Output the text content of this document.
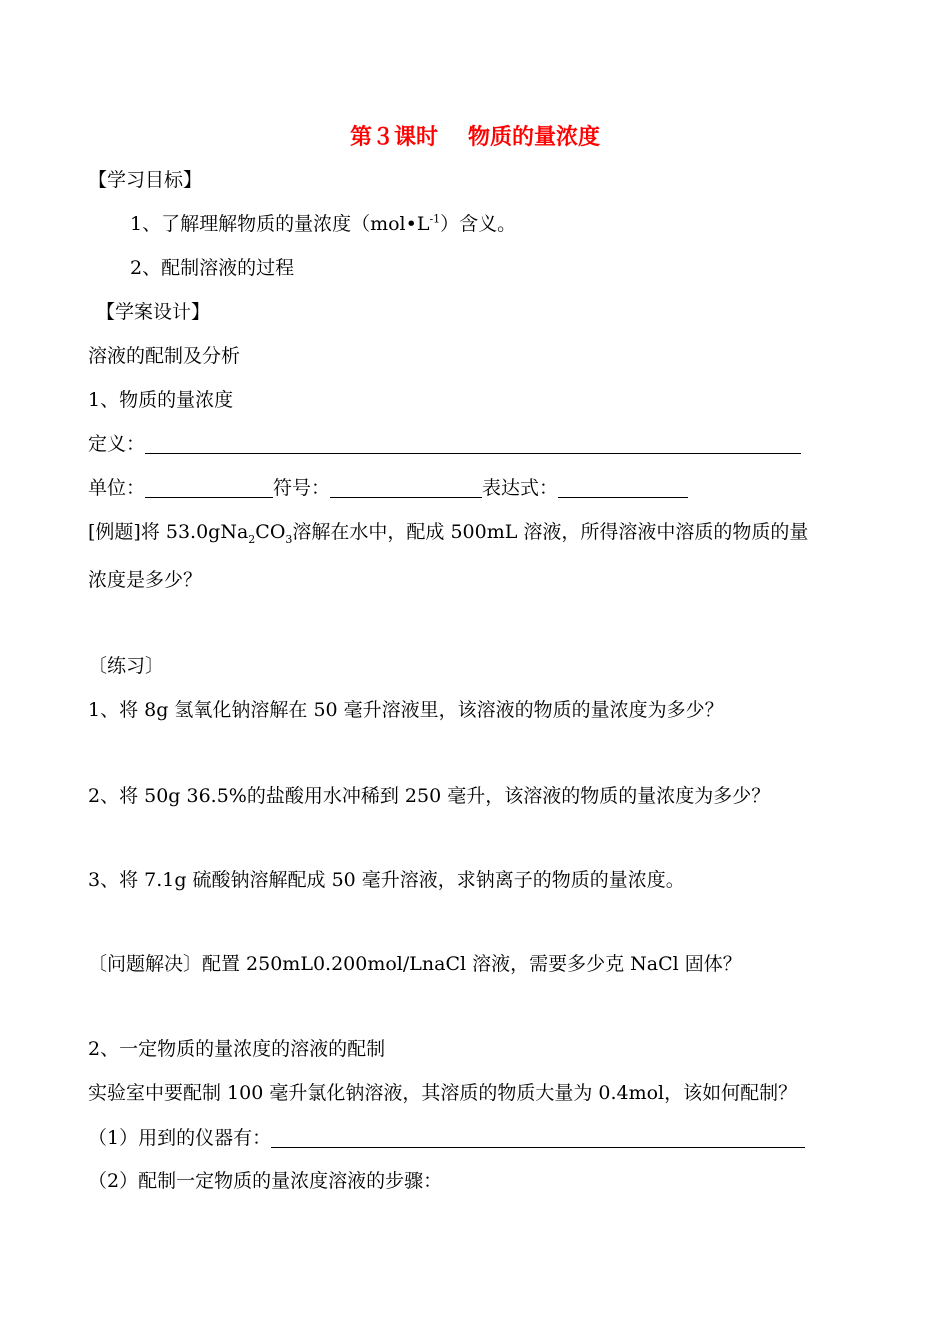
第３课时 物质的量浓度
【学习目标】
1、了解理解物质的量浓度$(mol•L^{-1})$含义。
2、配制溶液的过程
【学案设计】
溶液的配制及分析
1、物质的量浓度
定义：
单位：	符号：	表达式：
[例题]将 $53.0gNa_2CO_3$溶解在水中，配成 500mL 溶液，所得溶液中溶质的物质的量
浓度是多少？
〔练习〕
1、将 8g 氢氧化钠溶解在 50 毫升溶液里，该溶液的物质的量浓度为多少？
2、将 50g 36.5%的盐酸用水冲稀到 250 毫升，该溶液的物质的量浓度为多少？
3、将 7.1g 硫酸钠溶解配成 50 毫升溶液，求钠离子的物质的量浓度。
〔问题解决〕配置 250mL0.200mol/LnaCl 溶液，需要多少克 NaCl 固体？
2、一定物质的量浓度的溶液的配制
实验室中要配制 100 毫升氯化钠溶液，其溶质的物质大量为 0.4mol，该如何配制？
（1）用到的仪器有：
（2）配制一定物质的量浓度溶液的步骤：
